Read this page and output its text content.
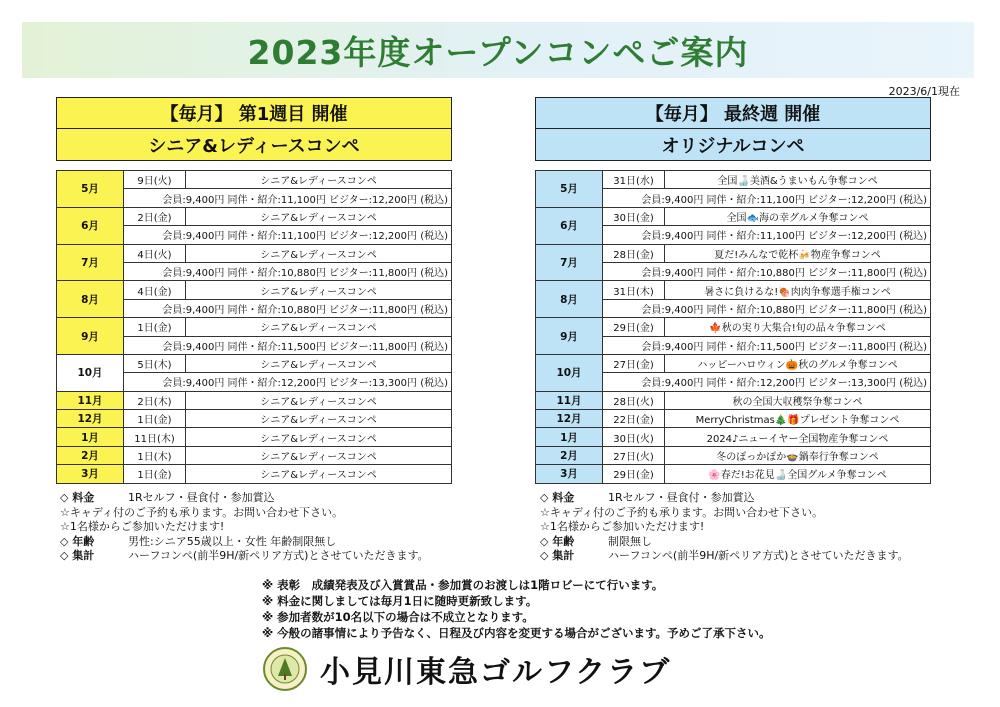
2023年度オープンコンペご案内
2023/6/1現在
【毎月】 第1週目 開催
シニア&レディースコンペ
【毎月】 最終週 開催
オリジナルコンペ
5月	9日(火)	シニア&レディースコンペ
	会員:9,400円 同伴・紹介:11,100円 ビジター:12,200円 (税込)	
6月	2日(金)	シニア&レディースコンペ
	会員:9,400円 同伴・紹介:11,100円 ビジター:12,200円 (税込)	
7月	4日(火)	シニア&レディースコンペ
	会員:9,400円 同伴・紹介:10,880円 ビジター:11,800円 (税込)	
8月	4日(金)	シニア&レディースコンペ
	会員:9,400円 同伴・紹介:10,880円 ビジター:11,800円 (税込)	
9月	1日(金)	シニア&レディースコンペ
	会員:9,400円 同伴・紹介:11,500円 ビジター:11,800円 (税込)	
10月	5日(木)	シニア&レディースコンペ
	会員:9,400円 同伴・紹介:12,200円 ビジター:13,300円 (税込)	
11月	2日(木)	シニア&レディースコンペ
12月	1日(金)	シニア&レディースコンペ
1月	11日(木)	シニア&レディースコンペ
2月	1日(木)	シニア&レディースコンペ
3月	1日(金)	シニア&レディースコンペ
5月	31日(水)	全国🍶美酒&うまいもん争奪コンペ
	会員:9,400円 同伴・紹介:11,100円 ビジター:12,200円 (税込)	
6月	30日(金)	全国🐟海の幸グルメ争奪コンペ
	会員:9,400円 同伴・紹介:11,100円 ビジター:12,200円 (税込)	
7月	28日(金)	夏だ!みんなで乾杯🍻物産争奪コンペ
	会員:9,400円 同伴・紹介:10,880円 ビジター:11,800円 (税込)	
8月	31日(木)	暑さに負けるな!🍖肉肉争奪選手権コンペ
	会員:9,400円 同伴・紹介:10,880円 ビジター:11,800円 (税込)	
9月	29日(金)	🍁秋の実り大集合!旬の品々争奪コンペ
	会員:9,400円 同伴・紹介:11,500円 ビジター:11,800円 (税込)	
10月	27日(金)	ハッピーハロウィン🎃秋のグルメ争奪コンペ
	会員:9,400円 同伴・紹介:12,200円 ビジター:13,300円 (税込)	
11月	28日(火)	秋の全国大収穫祭争奪コンペ
12月	22日(金)	MerryChristmas🎄🎁プレゼント争奪コンペ
1月	30日(火)	2024♪ニューイヤー全国物産争奪コンペ
2月	27日(火)	冬のぽっかぽか🍲鍋奉行争奪コンペ
3月	29日(金)	🌸春だ!お花見🍶全国グルメ争奪コンペ
◇ 料金	1Rセルフ・昼食付・参加賞込
☆キャディ付のご予約も承ります。お問い合わせ下さい。
☆1名様からご参加いただけます!
◇ 年齢	男性:シニア55歳以上・女性 年齢制限無し
◇ 集計	ハーフコンペ(前半9H/新ペリア方式)とさせていただきます。
◇ 料金	1Rセルフ・昼食付・参加賞込
☆キャディ付のご予約も承ります。お問い合わせ下さい。
☆1名様からご参加いただけます!
◇ 年齢	制限無し
◇ 集計	ハーフコンペ(前半9H/新ペリア方式)とさせていただきます。
※ 表彰　成績発表及び入賞賞品・参加賞のお渡しは1階ロビーにて行います。
※ 料金に関しましては毎月1日に随時更新致します。
※ 参加者数が10名以下の場合は不成立となります。
※ 今般の諸事情により予告なく、日程及び内容を変更する場合がございます。予めご了承下さい。
小見川東急ゴルフクラブ
